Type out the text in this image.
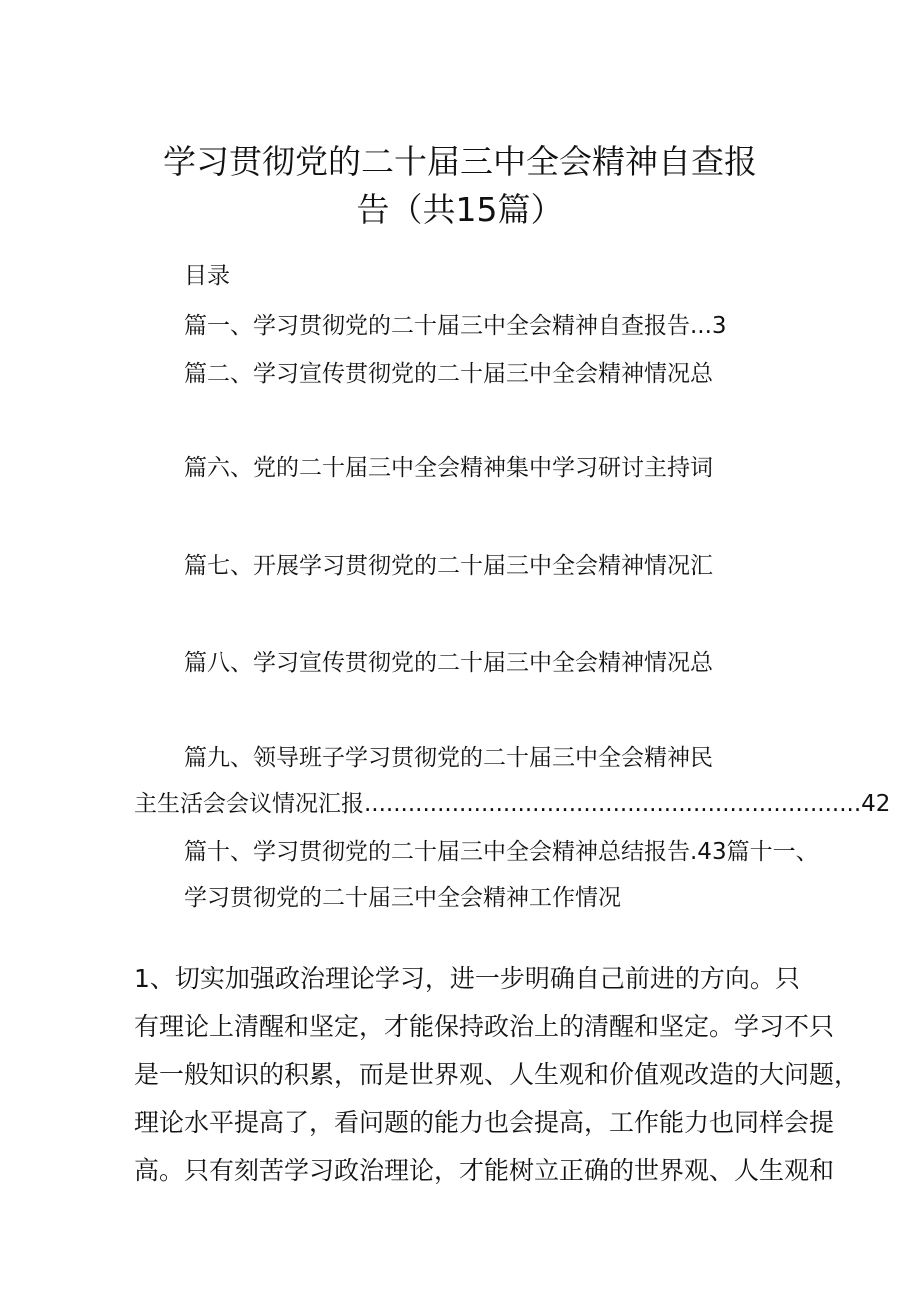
学习贯彻党的二十届三中全会精神自查报
告（共15篇）
目录
篇一、学习贯彻党的二十届三中全会精神自查报告...3
篇二、学习宣传贯彻党的二十届三中全会精神情况总
篇六、党的二十届三中全会精神集中学习研讨主持词
篇七、开展学习贯彻党的二十届三中全会精神情况汇
篇八、学习宣传贯彻党的二十届三中全会精神情况总
篇九、领导班子学习贯彻党的二十届三中全会精神民
主生活会会议情况汇报....................................................................42
篇十、学习贯彻党的二十届三中全会精神总结报告.43篇十一、
学习贯彻党的二十届三中全会精神工作情况
1、切实加强政治理论学习，进一步明确自己前进的方向。只
有理论上清醒和坚定，才能保持政治上的清醒和坚定。学习不只
是一般知识的积累，而是世界观、人生观和价值观改造的大问题，
理论水平提高了，看问题的能力也会提高，工作能力也同样会提
高。只有刻苦学习政治理论，才能树立正确的世界观、人生观和
